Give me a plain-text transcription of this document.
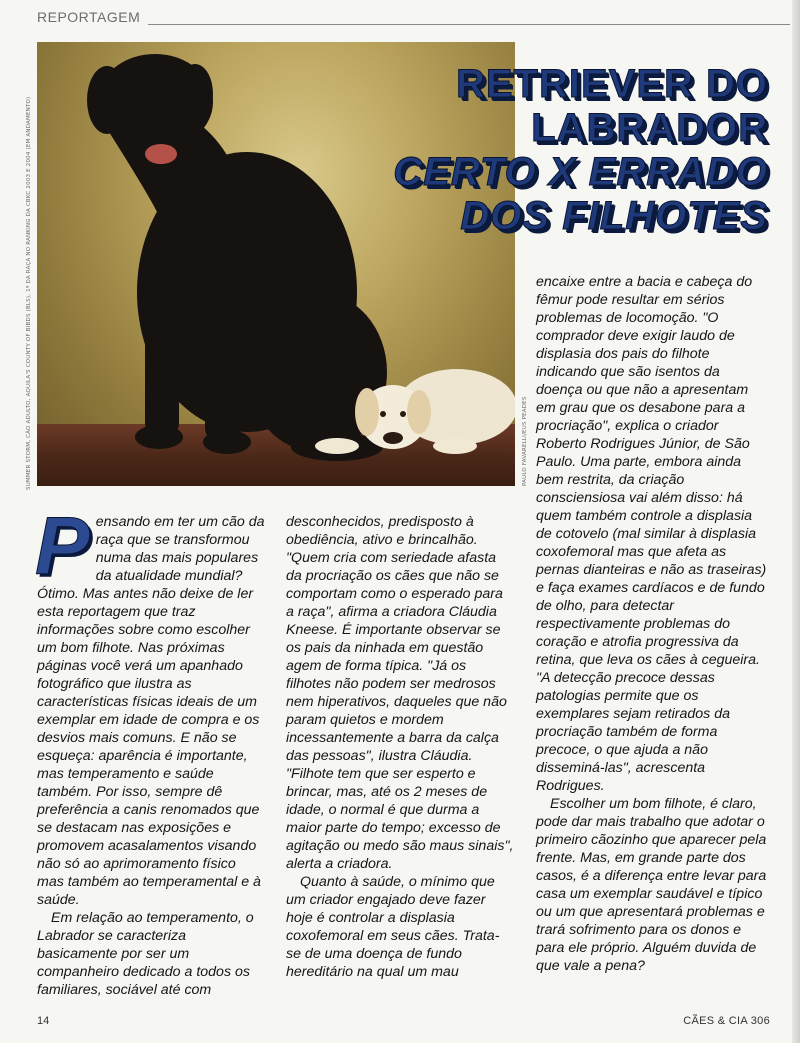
REPORTAGEM
SUMMER STORM, CÃO ADULTO, AQUILA'S COUNTY OF BIBDS (BLS), 1º DA RAÇA NO RANKING DA CBKC 2003 E 2004 (EM ANDAMENTO)	PAULO FAVARELLI/EUS PEADES
RETRIEVER DO
LABRADOR
CERTO X ERRADO
DOS FILHOTES
P ensando em ter um cão da raça que se transformou numa das mais populares da atualidade mundial? Ótimo. Mas antes não deixe de ler esta reportagem que traz informações sobre como escolher um bom filhote. Nas próximas páginas você verá um apanhado fotográfico que ilustra as características físicas ideais de um exemplar em idade de compra e os desvios mais comuns. E não se esqueça: aparência é importante, mas temperamento e saúde também. Por isso, sempre dê preferência a canis renomados que se destacam nas exposições e promovem acasalamentos visando não só ao aprimoramento físico mas também ao temperamental e à saúde.

Em relação ao temperamento, o Labrador se caracteriza basicamente por ser um companheiro dedicado a todos os familiares, sociável até com

desconhecidos, predisposto à obediência, ativo e brincalhão. "Quem cria com seriedade afasta da procriação os cães que não se comportam como o esperado para a raça", afirma a criadora Cláudia Kneese. É importante observar se os pais da ninhada em questão agem de forma típica. "Já os filhotes não podem ser medrosos nem hiperativos, daqueles que não param quietos e mordem incessantemente a barra da calça das pessoas", ilustra Cláudia. "Filhote tem que ser esperto e brincar, mas, até os 2 meses de idade, o normal é que durma a maior parte do tempo; excesso de agitação ou medo são maus sinais", alerta a criadora.

Quanto à saúde, o mínimo que um criador engajado deve fazer hoje é controlar a displasia coxofemoral em seus cães. Trata-se de uma doença de fundo hereditário na qual um mau

encaixe entre a bacia e cabeça do fêmur pode resultar em sérios problemas de locomoção. "O comprador deve exigir laudo de displasia dos pais do filhote indicando que são isentos da doença ou que não a apresentam em grau que os desabone para a procriação", explica o criador Roberto Rodrigues Júnior, de São Paulo. Uma parte, embora ainda bem restrita, da criação consciensiosa vai além disso: há quem também controle a displasia de cotovelo (mal similar à displasia coxofemoral mas que afeta as pernas dianteiras e não as traseiras) e faça exames cardíacos e de fundo de olho, para detectar respectivamente problemas do coração e atrofia progressiva da retina, que leva os cães à cegueira. "A detecção precoce dessas patologias permite que os exemplares sejam retirados da procriação também de forma precoce, o que ajuda a não disseminá-las", acrescenta Rodrigues.

Escolher um bom filhote, é claro, pode dar mais trabalho que adotar o primeiro cãozinho que aparecer pela frente. Mas, em grande parte dos casos, é a diferença entre levar para casa um exemplar saudável e típico ou um que apresentará problemas e trará sofrimento para os donos e para ele próprio. Alguém duvida de que vale a pena?

14	CÃES & CIA 306
